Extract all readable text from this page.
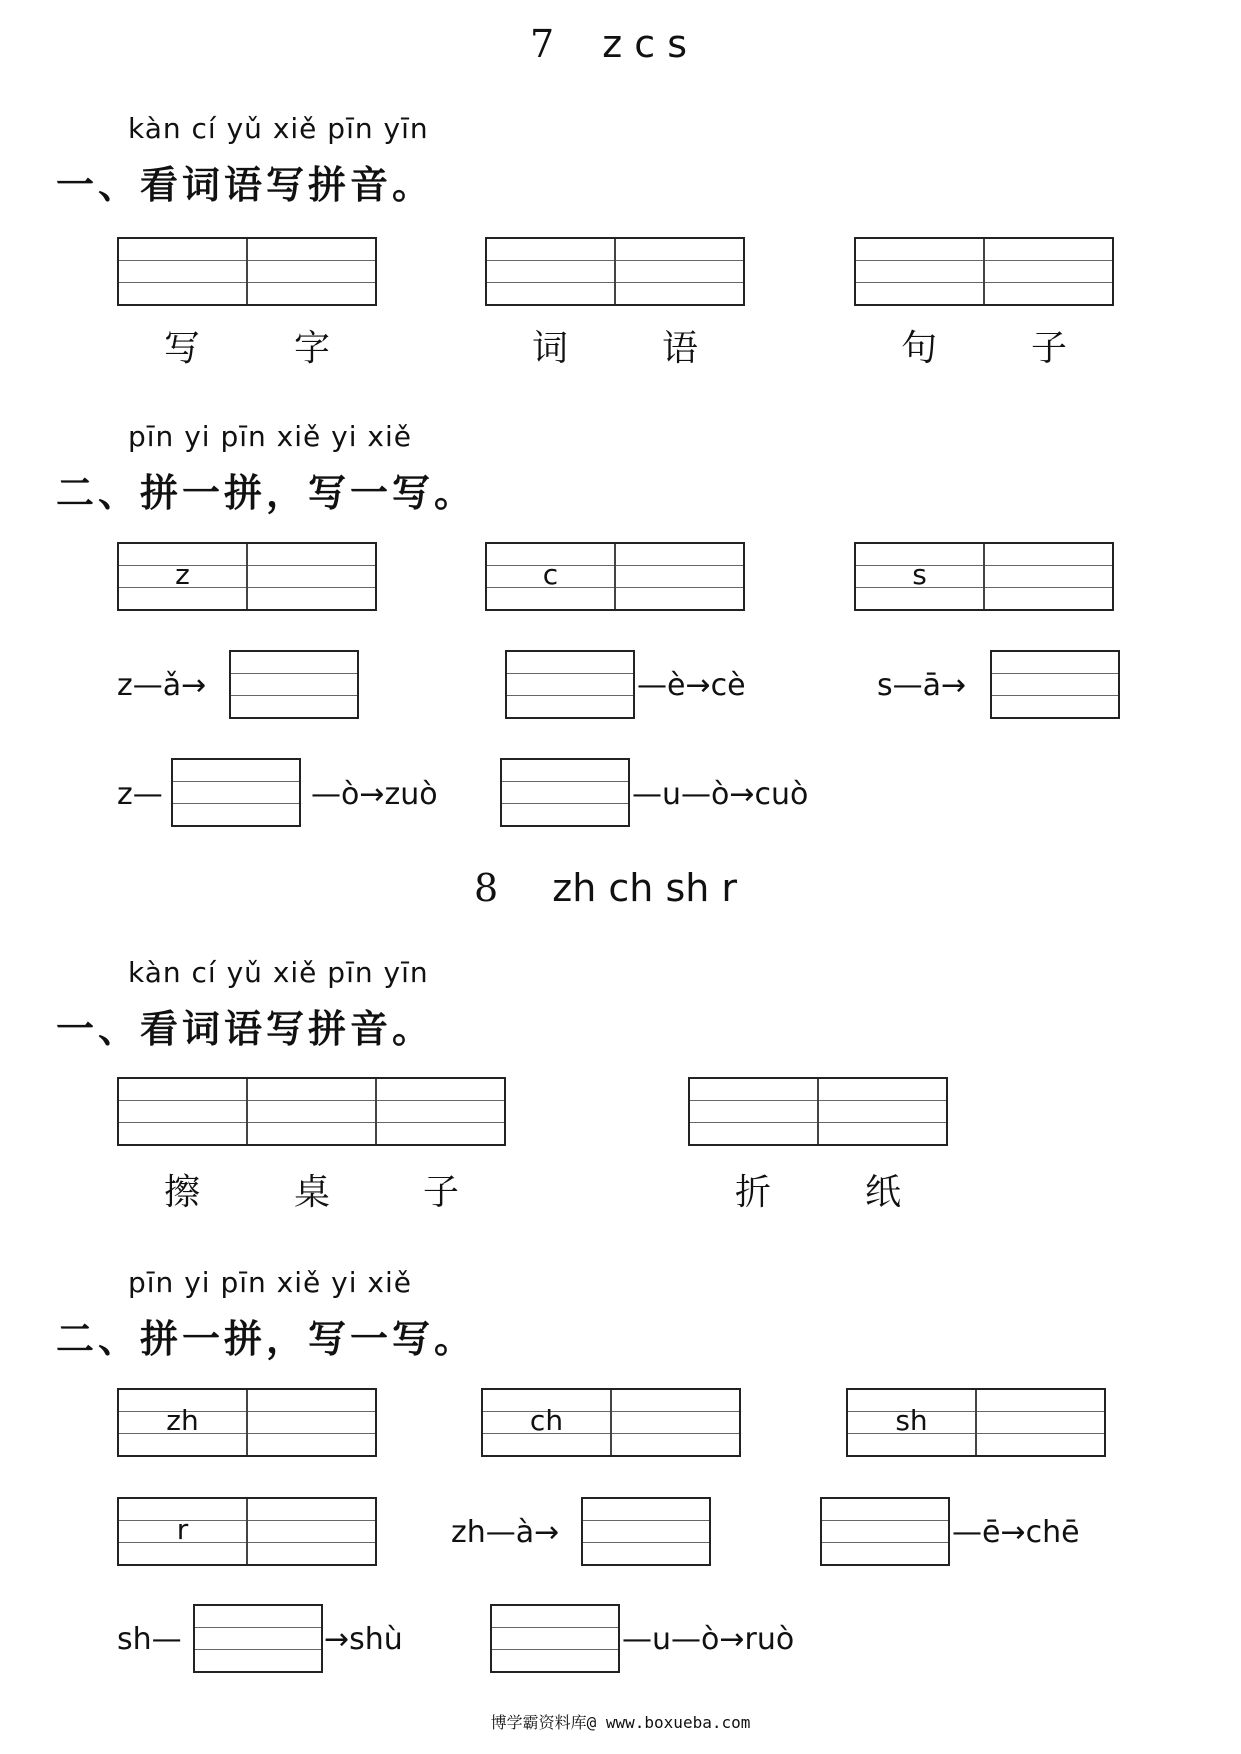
7 z c s
kàn cí yǔ xiě pīn yīn
一、看词语写拼音。
写	字	词	语	句	子
pīn yi pīn xiě yi xiě
二、拼一拼，写一写。
z	c	s
z—ǎ→	—è→cè	s—ā→
z—	—ò→zuò	—u—ò→cuò
8 zh ch sh r
kàn cí yǔ xiě pīn yīn
一、看词语写拼音。
擦	桌	子	折	纸
pīn yi pīn xiě yi xiě
二、拼一拼，写一写。
zh	ch	sh
r	zh—à→	—ē→chē
sh—	→shù	—u—ò→ruò
博学霸资料库@ www.boxueba.com
